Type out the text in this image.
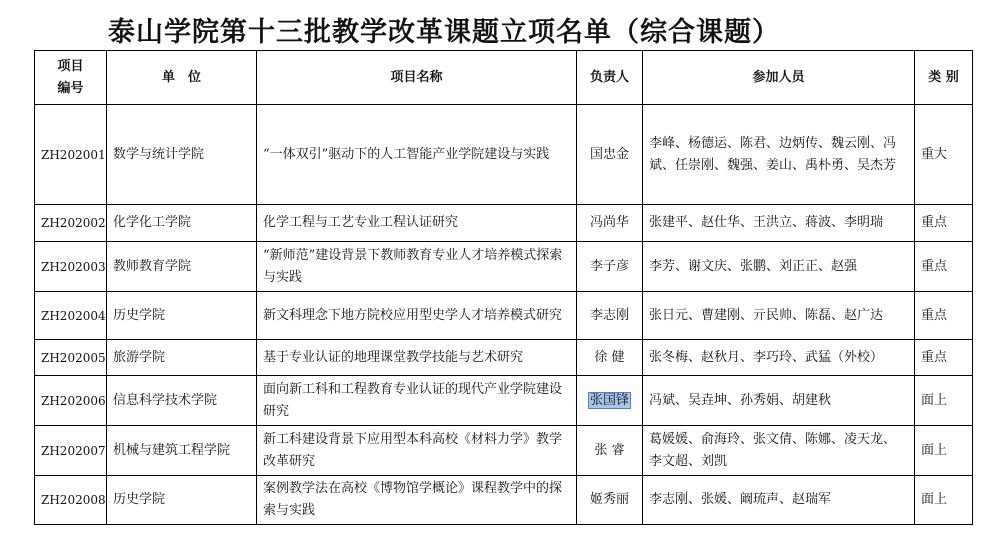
泰山学院第十三批教学改革课题立项名单（综合课题）
项目
编号	单　位	项目名称	负责人	参加人员	类 别
ZH202001	数学与统计学院	“一体双引”驱动下的人工智能产业学院建设与实践	国忠金	李峰、杨德运、陈君、边炳传、魏云刚、冯斌、任崇刚、魏强、姜山、禹朴勇、吴杰芳	重大
ZH202002	化学化工学院	化学工程与工艺专业工程认证研究	冯尚华	张建平、赵仕华、王洪立、蒋波、李明瑞	重点
ZH202003	教师教育学院	“新师范”建设背景下教师教育专业人才培养模式探索与实践	李子彦	李芳、谢文庆、张鹏、刘正正、赵强	重点
ZH202004	历史学院	新文科理念下地方院校应用型史学人才培养模式研究	李志刚	张日元、曹建刚、亓民帅、陈磊、赵广达	重点
ZH202005	旅游学院	基于专业认证的地理课堂教学技能与艺术研究	徐 健	张冬梅、赵秋月、李巧玲、武猛（外校）	重点
ZH202006	信息科学技术学院	面向新工科和工程教育专业认证的现代产业学院建设研究	张国锋	冯斌、吴垚坤、孙秀娟、胡建秋	面上
ZH202007	机械与建筑工程学院	新工科建设背景下应用型本科高校《材料力学》教学改革研究	张 睿	葛媛媛、俞海玲、张文倩、陈娜、凌天龙、李文超、刘凯	面上
ZH202008	历史学院	案例教学法在高校《博物馆学概论》课程教学中的探索与实践	姬秀丽	李志刚、张媛、阚琉声、赵瑞军	面上
